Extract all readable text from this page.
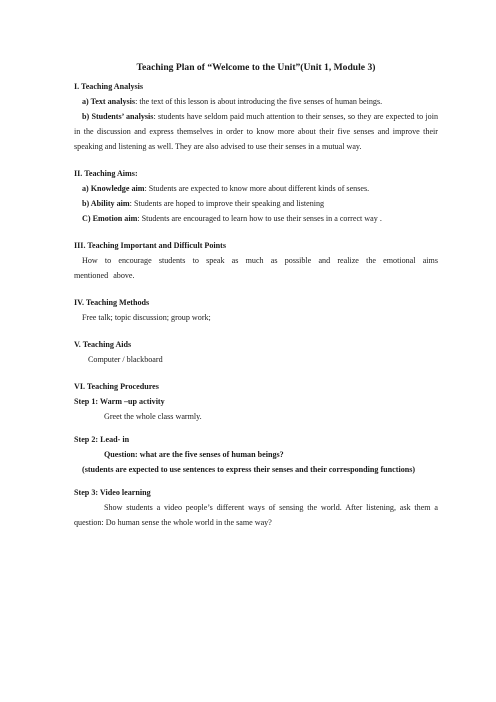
Teaching Plan of “Welcome to the Unit”(Unit 1, Module 3)
I. Teaching Analysis

a) Text analysis: the text of this lesson is about introducing the five senses of human beings.

b) Students’ analysis: students have seldom paid much attention to their senses, so they are expected to join in the discussion and express themselves in order to know more about their five senses and improve their speaking and listening as well. They are also advised to use their senses in a mutual way.

II. Teaching Aims:

a) Knowledge aim: Students are expected to know more about different kinds of senses.

b) Ability aim: Students are hoped to improve their speaking and listening

C) Emotion aim: Students are encouraged to learn how to use their senses in a correct way .

III. Teaching Important and Difficult Points

How to encourage students to speak as much as possible and realize the emotional aims mentioned above.

IV. Teaching Methods

Free talk; topic discussion; group work;

V. Teaching Aids

Computer / blackboard

VI. Teaching Procedures
Step 1: Warm –up activity

Greet the whole class warmly.

Step 2: Lead- in

Question: what are the five senses of human beings?

(students are expected to use sentences to express their senses and their corresponding functions)

Step 3: Video learning

Show students a video people’s different ways of sensing the world. After listening, ask them a question: Do human sense the whole world in the same way?
